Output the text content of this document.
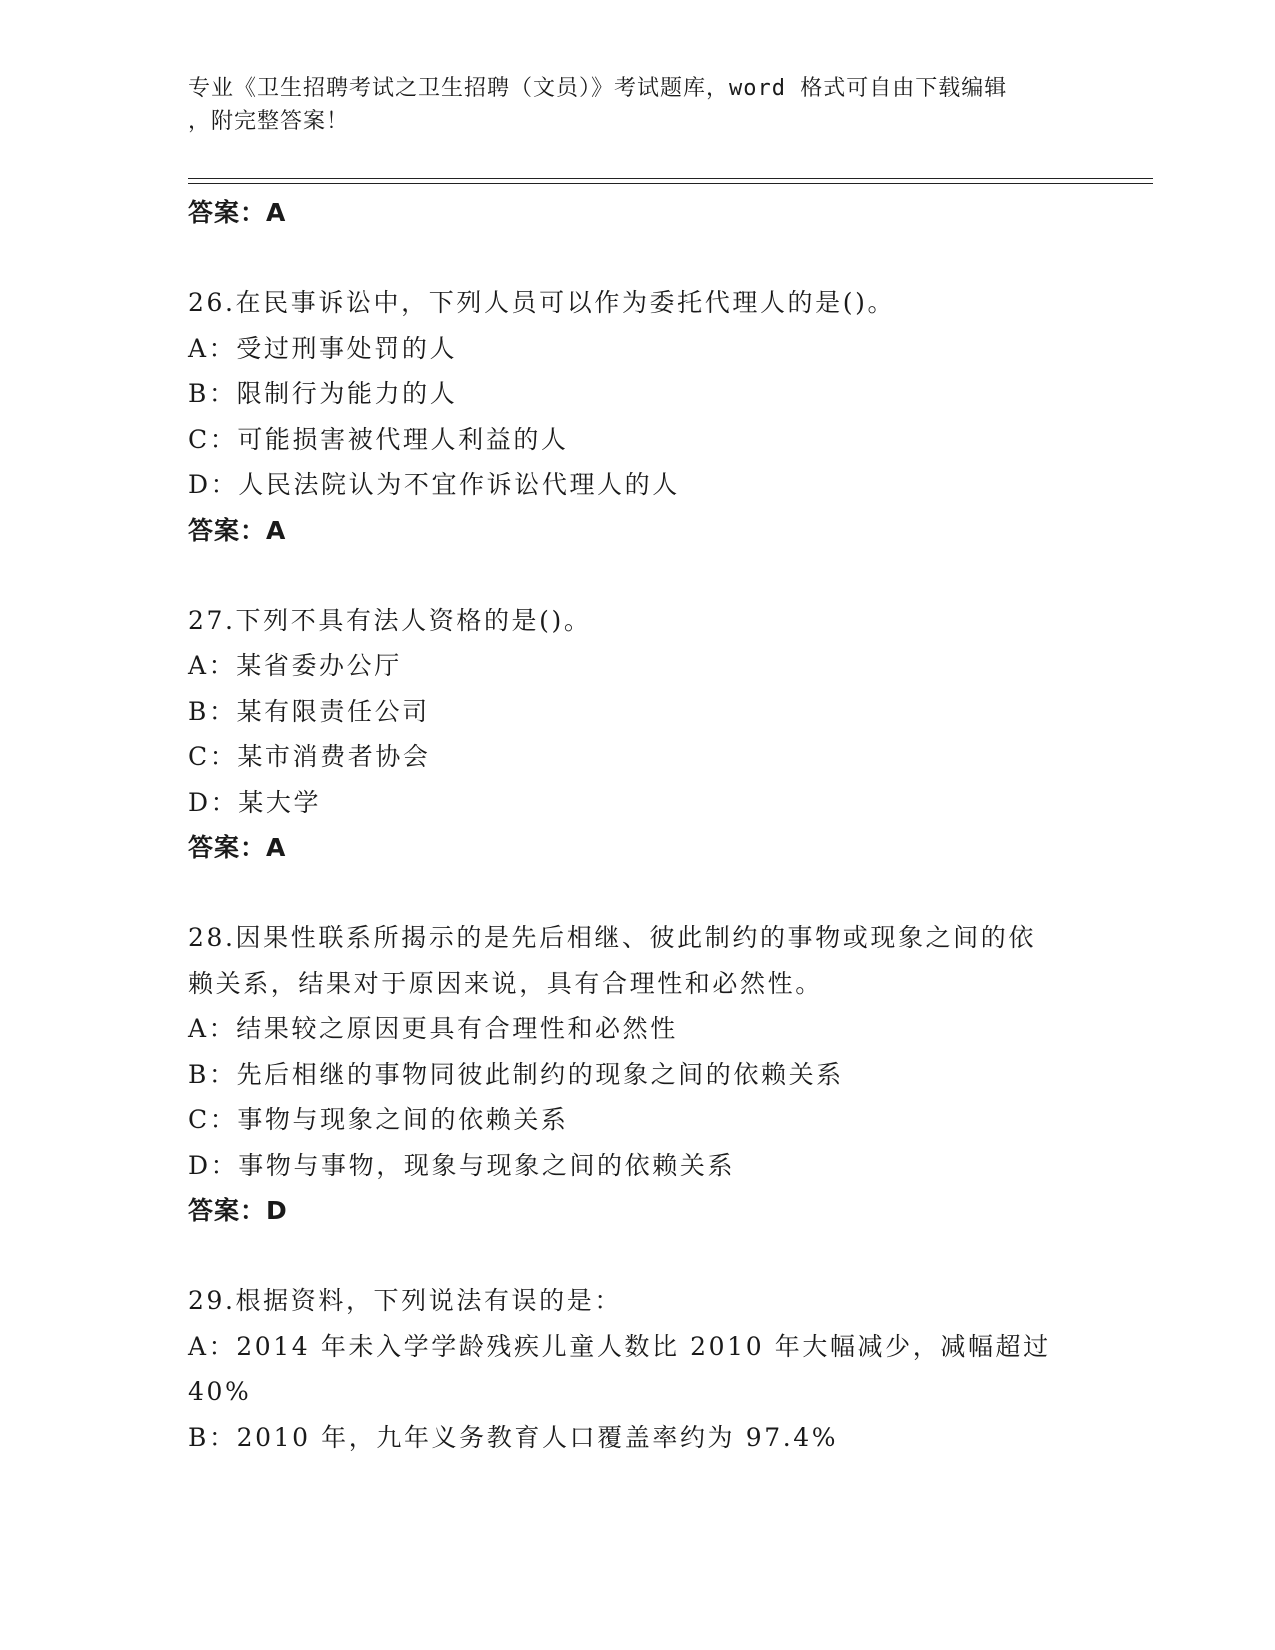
专业《卫生招聘考试之卫生招聘（文员）》考试题库，word 格式可自由下载编辑
，附完整答案！
答案：A
26.在民事诉讼中，下列人员可以作为委托代理人的是()。
A：受过刑事处罚的人
B：限制行为能力的人
C：可能损害被代理人利益的人
D：人民法院认为不宜作诉讼代理人的人
答案：A
27.下列不具有法人资格的是()。
A：某省委办公厅
B：某有限责任公司
C：某市消费者协会
D：某大学
答案：A
28.因果性联系所揭示的是先后相继、彼此制约的事物或现象之间的依
赖关系，结果对于原因来说，具有合理性和必然性。
A：结果较之原因更具有合理性和必然性
B：先后相继的事物同彼此制约的现象之间的依赖关系
C：事物与现象之间的依赖关系
D：事物与事物，现象与现象之间的依赖关系
答案：D
29.根据资料，下列说法有误的是：
A：2014 年未入学学龄残疾儿童人数比 2010 年大幅减少，减幅超过
40%
B：2010 年，九年义务教育人口覆盖率约为 97.4%
